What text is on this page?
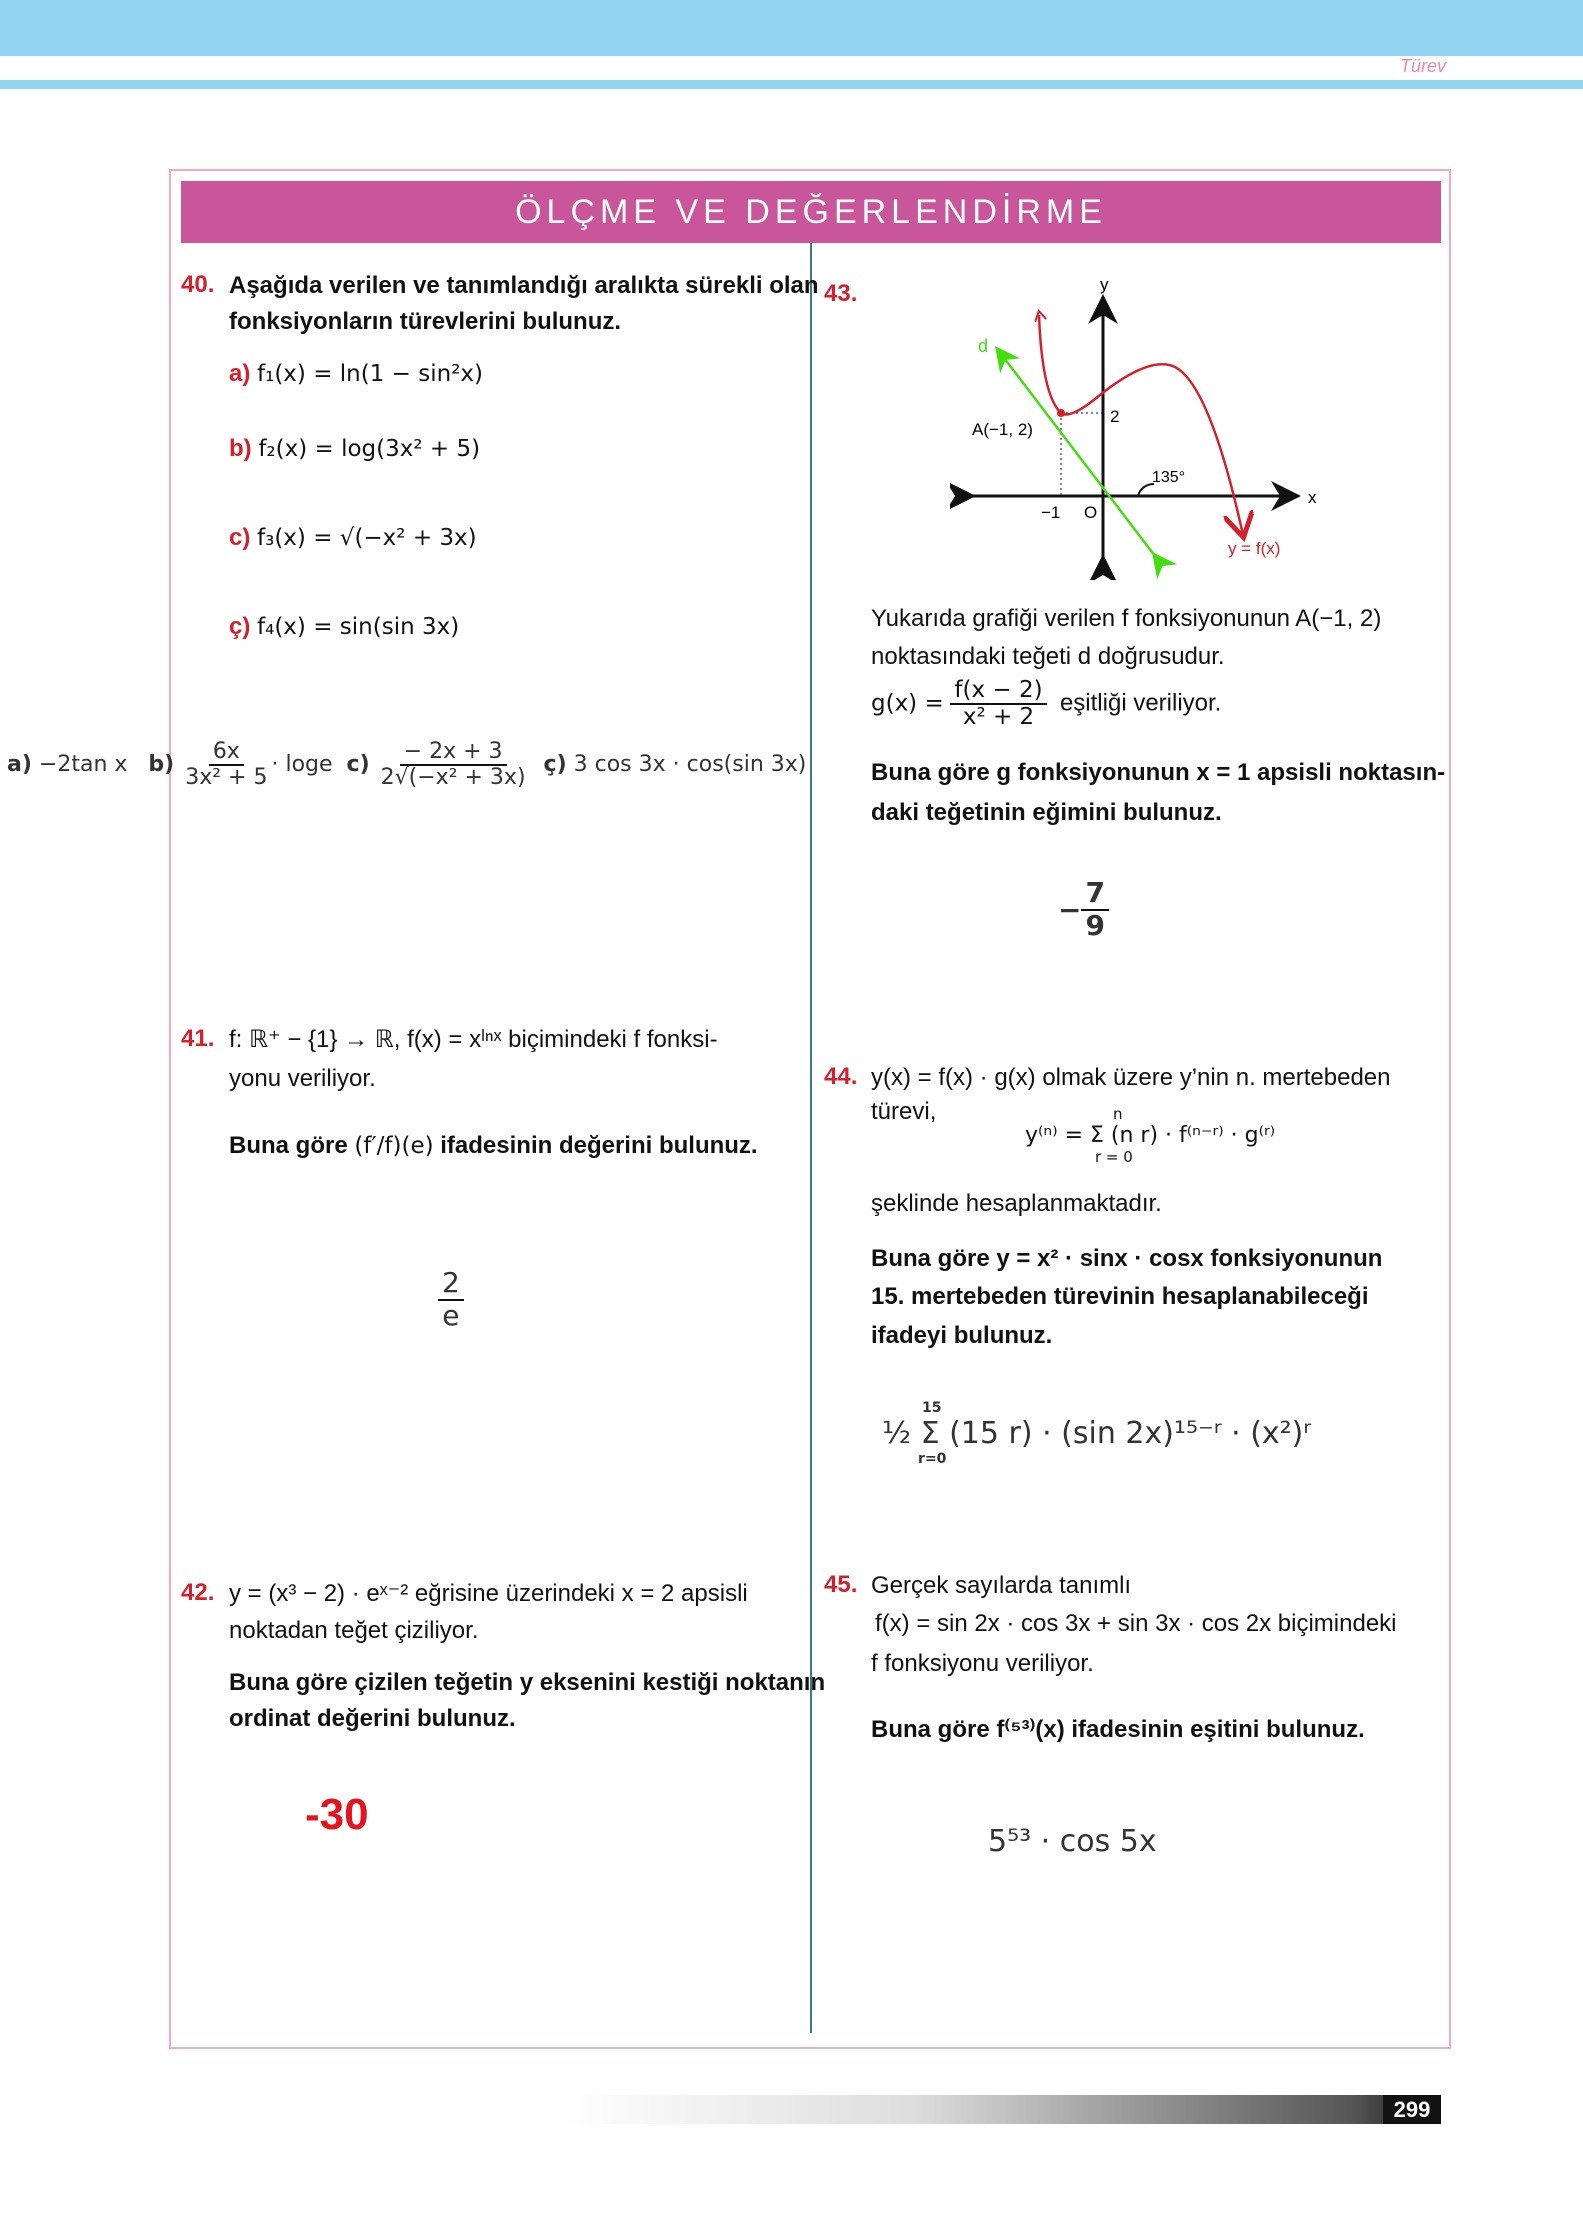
Türev
ÖLÇME VE DEĞERLENDİRME
40. Aşağıda verilen ve tanımlandığı aralıkta sürekli olan
fonksiyonların türevlerini bulunuz.
a) f₁(x) = ln(1 − sin²x)
b) f₂(x) = log(3x² + 5)
c) f₃(x) = √(−x² + 3x)
ç) f₄(x) = sin(sin 3x)
a) −2tan x $b) \frac{6x}{\text{3x² + 5}} \cdot \log e$ $c) \frac{- 2x + 3}{\text{2√(−x² + 3x)}}$ ç) 3 cos 3x · cos(sin 3x)
41. f: ℝ⁺ − {1} → ℝ, f(x) = xˡⁿˣ biçimindeki f fonksi-
yonu veriliyor.
Buna göre (f′/f)(e) ifadesinin değerini bulunuz.
$\frac{2}{e}$
42. y = (x³ − 2) · eˣ⁻² eğrisine üzerindeki x = 2 apsisli
noktadan teğet çiziliyor.
Buna göre çizilen teğetin y eksenini kestiği noktanın
ordinat değerini bulunuz.
-30
43.	y
x
d
A(−1, 2)
2
−1 O
135°
y = f(x)
Yukarıda grafiği verilen f fonksiyonunun A(−1, 2)
noktasındaki teğeti d doğrusudur.
$g(x) = \frac{f(x - 2)}{\text{x² + 2}}$ eşitliği veriliyor.
Buna göre g fonksiyonunun x = 1 apsisli noktasın-
daki teğetinin eğimini bulunuz.
− $\frac{7}{9}$
44. y(x) = f(x) · g(x) olmak üzere y’nin n. mertebeden
türevi,	n
y⁽ⁿ⁾ = Σ (n r) · f⁽ⁿ⁻ʳ⁾ · g⁽ʳ⁾
r = 0
şeklinde hesaplanmaktadır.
Buna göre y = x² · sinx · cosx fonksiyonunun
15. mertebeden türevinin hesaplanabileceği
ifadeyi bulunuz.
15
½ Σ (15 r) · (sin 2x)¹⁵⁻ʳ · (x²)ʳ
r=0
45. Gerçek sayılarda tanımlı
f(x) = sin 2x · cos 3x + sin 3x · cos 2x biçimindeki
f fonksiyonu veriliyor.
Buna göre f⁽⁵³⁾(x) ifadesinin eşitini bulunuz.
5⁵³ · cos 5x
299
